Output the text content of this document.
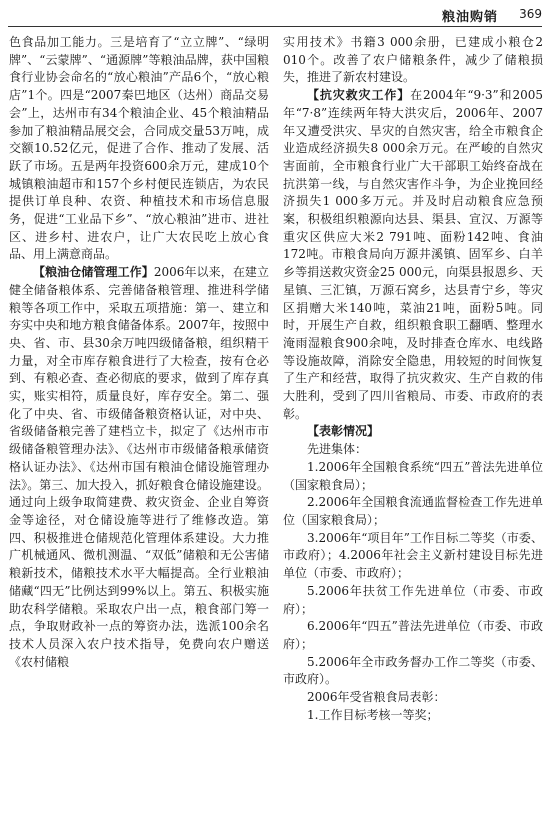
粮油购销 369

色食品加工能力。三是培育了“立立牌”、“绿明牌”、“云蒙牌”、“通源牌”等粮油品牌，获中国粮食行业协会命名的“放心粮油”产品6个，“放心粮店”1个。四是“2007秦巴地区（达州）商品交易会”上，达州市有34个粮油企业、45个粮油精品参加了粮油精品展交会，合同成交量53万吨，成交额10.52亿元，促进了合作、推动了发展、活跃了市场。五是两年投资600余万元，建成10个城镇粮油超市和157个乡村便民连锁店，为农民提供订单良种、农资、种植技术和市场信息服务，促进“工业品下乡”、“放心粮油”进市、进社区、进乡村、进农户，让广大农民吃上放心食品、用上满意商品。

【粮油仓储管理工作】2006年以来，在建立健全储备粮体系、完善储备粮管理、推进科学储粮等各项工作中，采取五项措施：第一、建立和夯实中央和地方粮食储备体系。2007年，按照中央、省、市、县30余万吨四级储备粮，组织精干力量，对全市库存粮食进行了大检查，按有仓必到、有粮必查、查必彻底的要求，做到了库存真实，账实相符，质量良好，库存安全。第二、强化了中央、省、市级储备粮资格认证，对中央、省级储备粮完善了建档立卡，拟定了《达州市市级储备粮管理办法》、《达州市市级储备粮承储资格认证办法》、《达州市国有粮油仓储设施管理办法》。第三、加大投入，抓好粮食仓储设施建设。通过向上级争取简建费、救灾资金、企业自筹资金等途径，对仓储设施等进行了维修改造。第四、积极推进仓储规范化管理体系建设。大力推广机械通风、微机测温、“双低”储粮和无公害储粮新技术，储粮技术水平大幅提高。全行业粮油储藏“四无”比例达到99%以上。第五、积极实施助农科学储粮。采取农户出一点，粮食部门筹一点，争取财政补一点的筹资办法，选派100余名技术人员深入农户技术指导，免费向农户赠送《农村储粮

实用技术》书籍3 000余册，已建成小粮仓2 010个。改善了农户储粮条件，减少了储粮损失，推进了新农村建设。

【抗灾救灾工作】在2004年“9·3”和2005年“7·8”连续两年特大洪灾后，2006年、2007年又遭受洪灾、旱灾的自然灾害，给全市粮食企业造成经济损失8 000余万元。在严峻的自然灾害面前，全市粮食行业广大干部职工始终奋战在抗洪第一线，与自然灾害作斗争，为企业挽回经济损失1 000多万元。并及时启动粮食应急预案，积极组织粮源向达县、渠县、宣汉、万源等重灾区供应大米2 791吨、面粉142吨、食油172吨。市粮食局向万源井溪镇、固军乡、白羊乡等捐送救灾资金25 000元，向渠县报恩乡、天星镇、三汇镇，万源石窝乡，达县青宁乡，等灾区捐赠大米140吨，菜油21吨，面粉5吨。同时，开展生产自救，组织粮食职工翻晒、整理水淹雨湿粮食900余吨，及时排查仓库水、电线路等设施故障，消除安全隐患，用较短的时间恢复了生产和经营，取得了抗灾救灾、生产自救的伟大胜利，受到了四川省粮局、市委、市政府的表彰。

【表彰情况】

先进集体：

1.2006年全国粮食系统“四五”普法先进单位（国家粮食局）；

2.2006年全国粮食流通监督检查工作先进单位（国家粮食局）；

3.2006年“项目年”工作目标二等奖（市委、市政府）；4.2006年社会主义新村建设目标先进单位（市委、市政府）；

5.2006年扶贫工作先进单位（市委、市政府）；

6.2006年“四五”普法先进单位（市委、市政府）；

5.2006年全市政务督办工作二等奖（市委、市政府）。

2006年受省粮食局表彰：

1.工作目标考核一等奖；
